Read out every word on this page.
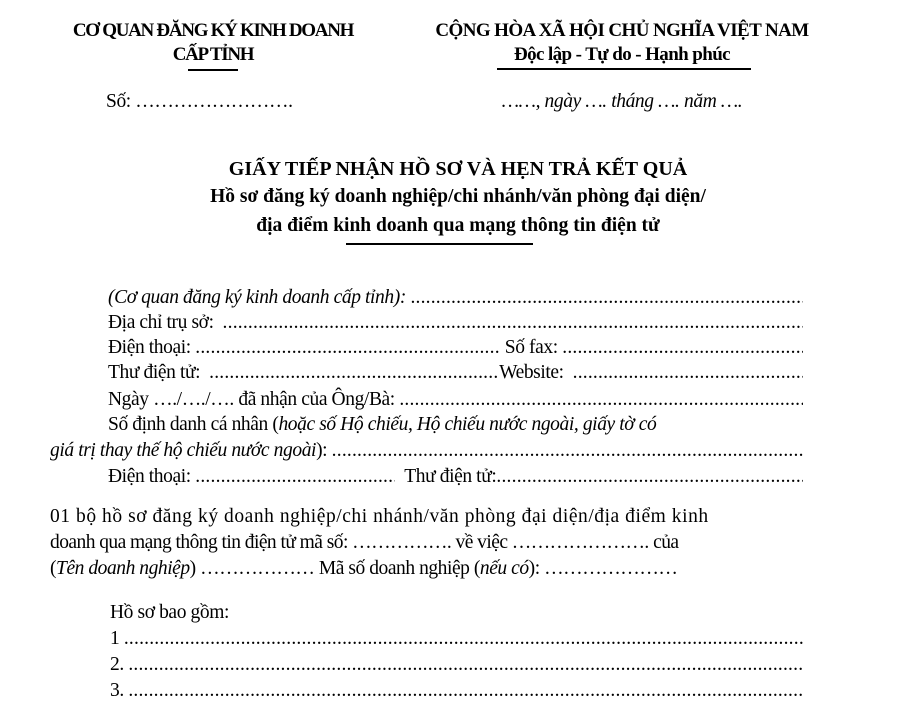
CƠ QUAN ĐĂNG KÝ KINH DOANH
CẤP TỈNH
CỘNG HÒA XÃ HỘI CHỦ NGHĨA VIỆT NAM
Độc lập - Tự do - Hạnh phúc
Số: …………………….	……, ngày …. tháng …. năm ….
GIẤY TIẾP NHẬN HỒ SƠ VÀ HẸN TRẢ KẾT QUẢ
Hồ sơ đăng ký doanh nghiệp/chi nhánh/văn phòng đại diện/
địa điểm kinh doanh qua mạng thông tin điện tử
(Cơ quan đăng ký kinh doanh cấp tỉnh):

.....
Địa chỉ trụ sở:

.....
Điện thoại:
.....
	Số fax:

.....
Thư điện tử:
.....	Website:

.....
Ngày …./…./…. đã nhận của Ông/Bà:

.....
Số định danh cá nhân (hoặc số Hộ chiếu, Hộ chiếu nước ngoài, giấy tờ có
giá trị thay thế hộ chiếu nước ngoài ):

.....
Điện thoại:
.....
	Thư điện tử:
.....
01 bộ hồ sơ đăng ký doanh nghiệp/chi nhánh/văn phòng đại diện/địa điểm kinh
doanh qua mạng thông tin điện tử mã số: ……………. về việc …………………. của
( Tên doanh nghiệp ) ……………… Mã số doanh nghiệp ( nếu có ): …………………
Hồ sơ bao gồm:
1

.....
2.

.....
3.

.....
